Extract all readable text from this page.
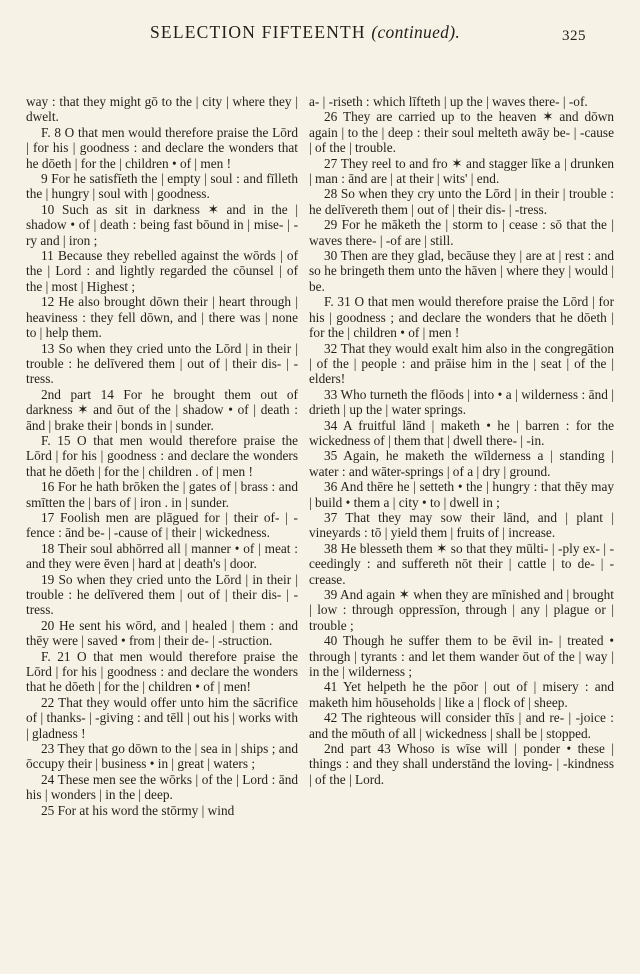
SELECTION FIFTEENTH (continued).	325

way : that they might gō to the | city | where they | dwelt.

F. 8 O that men would therefore praise the Lōrd | for his | goodness : and declare the wonders that he dōeth | for the | children • of | men !

9 For he satisfīeth the | empty | soul : and fīlleth the | hungry | soul with | goodness.

10 Such as sit in darkness ✶ and in the | shadow • of | death : being fast bōund in | mise- | -ry and | iron ;

11 Because they rebelled against the wōrds | of the | Lord : and lightly regarded the cōunsel | of the | most | Highest ;

12 He also brought dōwn their | heart through | heaviness : they fell dōwn, and | there was | none to | help them.

13 So when they cried unto the Lōrd | in their | trouble : he delīvered them | out of | their dis- | -tress.

2nd part 14 For he brought them out of darkness ✶ and ōut of the | shadow • of | death : ānd | brake their | bonds in | sunder.

F. 15 O that men would therefore praise the Lōrd | for his | goodness : and declare the wonders that he dōeth | for the | children . of | men !

16 For he hath brōken the | gates of | brass : and smītten the | bars of | iron . in | sunder.

17 Foolish men are plāgued for | their of- | -fence : ānd be- | -cause of | their | wickedness.

18 Their soul abhōrred all | manner • of | meat : and they were ēven | hard at | death's | door.

19 So when they cried unto the Lōrd | in their | trouble : he delīvered them | out of | their dis- | -tress.

20 He sent his wōrd, and | healed | them : and thēy were | saved • from | their de- | -struction.

F. 21 O that men would therefore praise the Lōrd | for his | goodness : and declare the wonders that he dōeth | for the | children • of | men!

22 That they would offer unto him the sācrifice of | thanks- | -giving : and tēll | out his | works with | gladness !

23 They that go dōwn to the | sea in | ships ; and ōccupy their | business • in | great | waters ;

24 These men see the wōrks | of the | Lord : ānd his | wonders | in the | deep.

25 For at his word the stōrmy | wind

a- | -riseth : which līfteth | up the | waves there- | -of.

26 They are carried up to the heaven ✶ and dōwn again | to the | deep : their soul melteth awāy be- | -cause | of the | trouble.

27 They reel to and fro ✶ and stagger līke a | drunken | man : ānd are | at their | wits' | end.

28 So when they cry unto the Lōrd | in their | trouble : he delīvereth them | out of | their dis- | -tress.

29 For he māketh the | storm to | cease : sō that the | waves there- | -of are | still.

30 Then are they glad, becāuse they | are at | rest : and so he bringeth them unto the hāven | where they | would | be.

F. 31 O that men would therefore praise the Lōrd | for his | goodness ; and declare the wonders that he dōeth | for the | children • of | men !

32 That they would exalt him also in the congregātion | of the | people : and prāise him in the | seat | of the | elders!

33 Who turneth the flōods | into • a | wilderness : ānd | drieth | up the | water springs.

34 A fruitful lānd | maketh • he | barren : for the wickedness of | them that | dwell there- | -in.

35 Again, he maketh the wīlderness a | standing | water : and wāter-springs | of a | dry | ground.

36 And thēre he | setteth • the | hungry : that thēy may | build • them a | city • to | dwell in ;

37 That they may sow their lānd, and | plant | vineyards : tō | yield them | fruits of | increase.

38 He blesseth them ✶ so that they mūlti- | -ply ex- | -ceedingly : and suffereth nōt their | cattle | to de- | -crease.

39 And again ✶ when they are mīnished and | brought | low : through oppressīon, through | any | plague or | trouble ;

40 Though he suffer them to be ēvil in- | treated • through | tyrants : and let them wander ōut of the | way | in the | wilderness ;

41 Yet helpeth he the pōor | out of | misery : and maketh him hōuseholds | like a | flock of | sheep.

42 The righteous will consider thīs | and re- | -joice : and the mōuth of all | wickedness | shall be | stopped.

2nd part 43 Whoso is wīse will | ponder • these | things : and they shall understānd the loving- | -kindness | of the | Lord.
